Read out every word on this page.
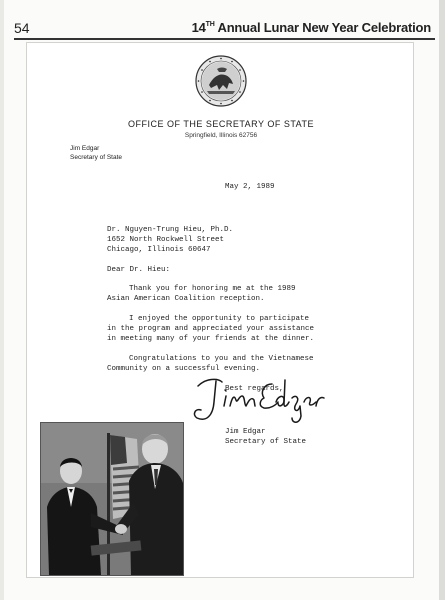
54	14TH Annual Lunar New Year Celebration
OFFICE OF THE SECRETARY OF STATE
Springfield, Illinois 62756
Jim Edgar
Secretary of State
May 2, 1989
Dr. Nguyen-Trung Hieu, Ph.D.
1652 North Rockwell Street
Chicago, Illinois 60647
Dear Dr. Hieu:
Thank you for honoring me at the 1989
Asian American Coalition reception.
I enjoyed the opportunity to participate
in the program and appreciated your assistance
in meeting many of your friends at the dinner.
Congratulations to you and the Vietnamese
Community on a successful evening.
Best regards,
Jim Edgar
Secretary of State
